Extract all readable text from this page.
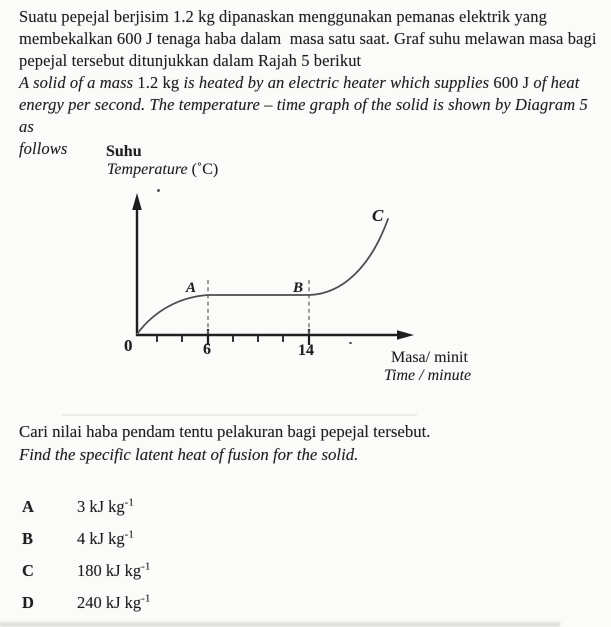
Suatu pepejal berjisim 1.2 kg dipanaskan menggunakan pemanas elektrik yang
membekalkan 600 J tenaga haba dalam  masa satu saat. Graf suhu melawan masa bagi
pepejal tersebut ditunjukkan dalam Rajah 5 berikut
A solid of a mass 1.2 kg is heated by an electric heater which supplies 600 J of heat
energy per second. The temperature – time graph of the solid is shown by Diagram 5 as
follows	Suhu
Temperature (˚C)
0	6	14
A	B
C
Masa/ minit
Time / minute
Cari nilai haba pendam tentu pelakuran bagi pepejal tersebut.
Find the specific latent heat of fusion for the solid.
A	3 kJ $kg^{-1}$
B	4 kJ $kg^{-1}$
C	180 kJ $kg^{-1}$
D	240 kJ $kg^{-1}$
